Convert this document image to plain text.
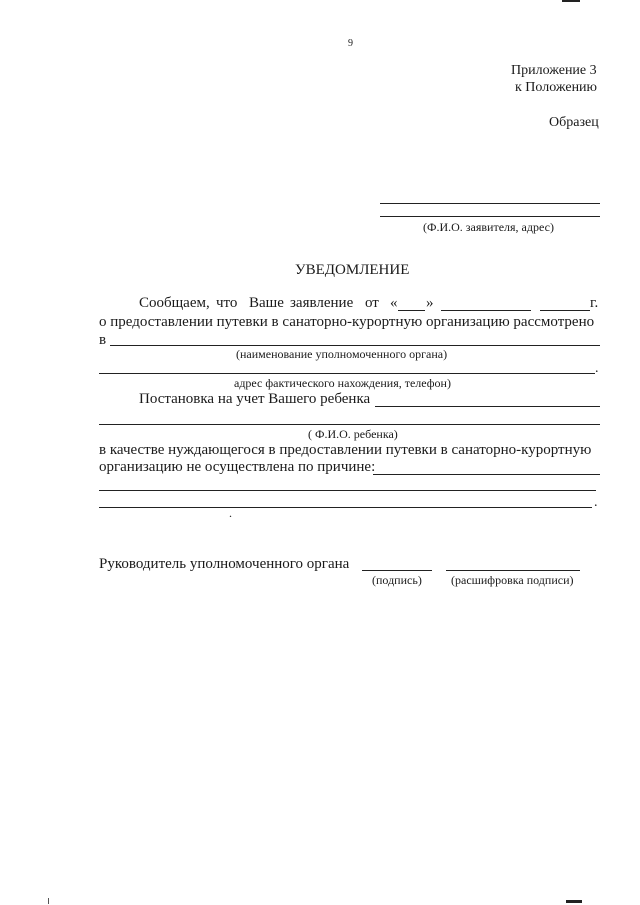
9
Приложение 3
к Положению
Образец
(Ф.И.О. заявителя, адрес)
УВЕДОМЛЕНИЕ
Сообщаем, что Ваше заявление от « »	г.
о предоставлении путевки в санаторно-курортную организацию рассмотрено
в
(наименование уполномоченного органа)
.
адрес фактического нахождения, телефон)
Постановка на учет Вашего ребенка
( Ф.И.О. ребенка)
в качестве нуждающегося в предоставлении путевки в санаторно-курортную
организацию не осуществлена по причине:
.
.
Руководитель уполномоченного органа
(подпись) (расшифровка подписи)
